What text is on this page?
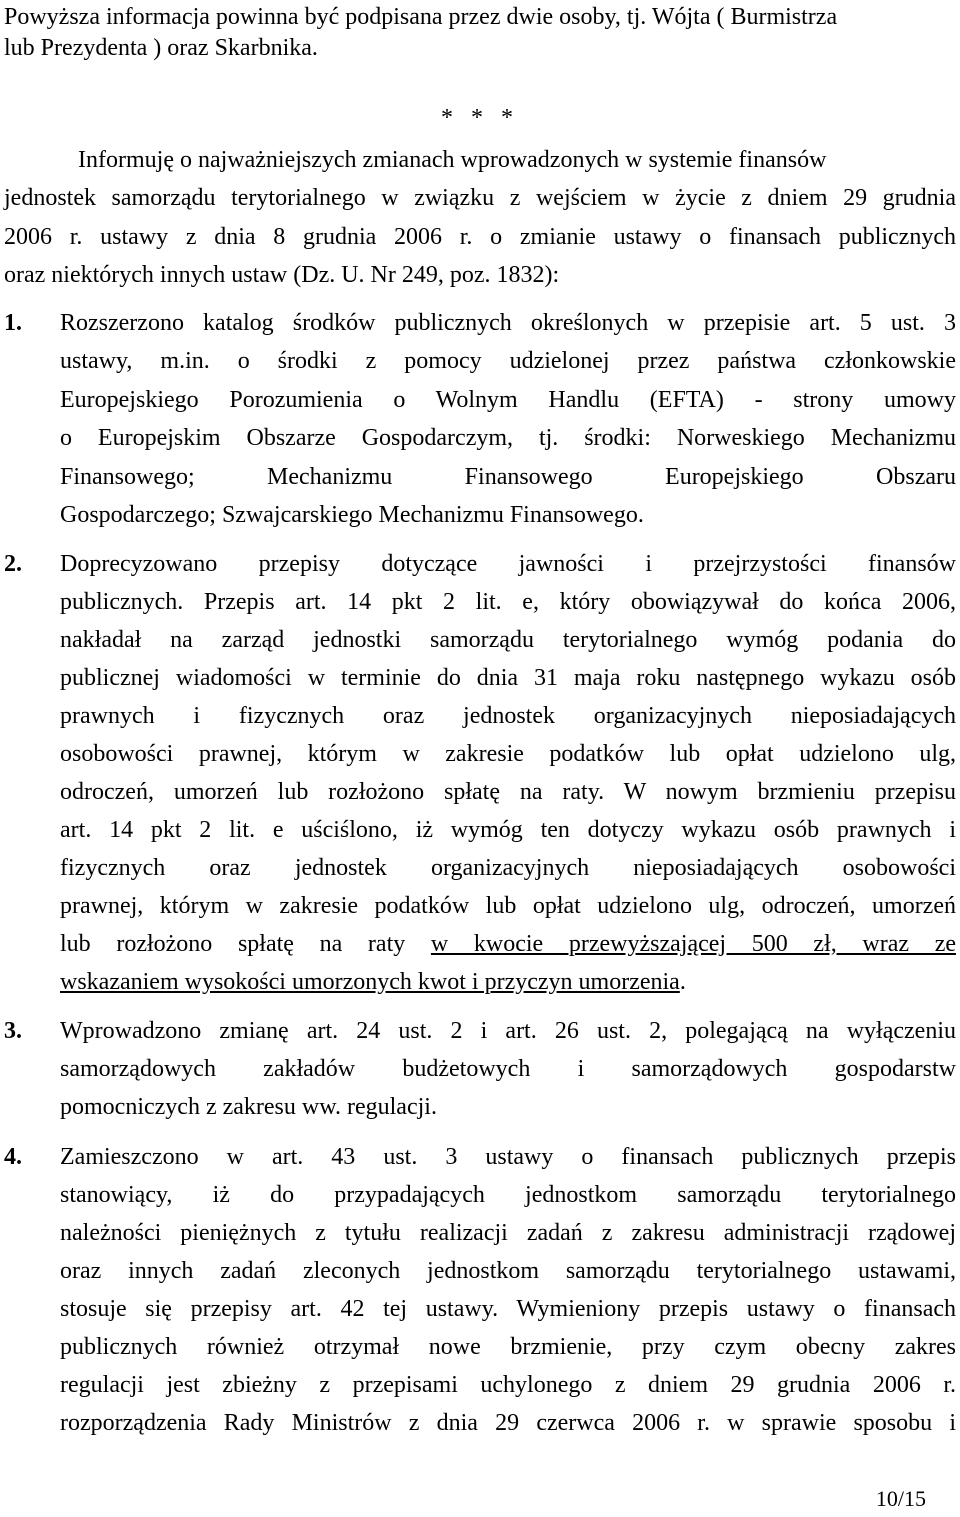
Powyższa informacja powinna być podpisana przez dwie osoby, tj. Wójta ( Burmistrza
lub Prezydenta ) oraz Skarbnika.
* * *
Informuję o najważniejszych zmianach wprowadzonych w systemie finansów
jednostek samorządu terytorialnego w związku z wejściem w życie z dniem 29 grudnia
2006 r. ustawy z dnia 8 grudnia 2006 r. o zmianie ustawy o finansach publicznych
oraz niektórych innych ustaw (Dz. U. Nr 249, poz. 1832):
1. Rozszerzono katalog środków publicznych określonych w przepisie art. 5 ust. 3
ustawy, m.in. o środki z pomocy udzielonej przez państwa członkowskie
Europejskiego Porozumienia o Wolnym Handlu (EFTA) - strony umowy
o Europejskim Obszarze Gospodarczym, tj. środki: Norweskiego Mechanizmu
Finansowego; Mechanizmu Finansowego Europejskiego Obszaru
Gospodarczego; Szwajcarskiego Mechanizmu Finansowego.
2. Doprecyzowano przepisy dotyczące jawności i przejrzystości finansów
publicznych. Przepis art. 14 pkt 2 lit. e, który obowiązywał do końca 2006,
nakładał na zarząd jednostki samorządu terytorialnego wymóg podania do
publicznej wiadomości w terminie do dnia 31 maja roku następnego wykazu osób
prawnych i fizycznych oraz jednostek organizacyjnych nieposiadających
osobowości prawnej, którym w zakresie podatków lub opłat udzielono ulg,
odroczeń, umorzeń lub rozłożono spłatę na raty. W nowym brzmieniu przepisu
art. 14 pkt 2 lit. e uściślono, iż wymóg ten dotyczy wykazu osób prawnych i
fizycznych oraz jednostek organizacyjnych nieposiadających osobowości
prawnej, którym w zakresie podatków lub opłat udzielono ulg, odroczeń, umorzeń
lub rozłożono spłatę na raty w kwocie przewyższającej 500 zł, wraz ze
wskazaniem wysokości umorzonych kwot i przyczyn umorzenia.
3. Wprowadzono zmianę art. 24 ust. 2 i art. 26 ust. 2, polegającą na wyłączeniu
samorządowych zakładów budżetowych i samorządowych gospodarstw
pomocniczych z zakresu ww. regulacji.
4. Zamieszczono w art. 43 ust. 3 ustawy o finansach publicznych przepis
stanowiący, iż do przypadających jednostkom samorządu terytorialnego
należności pieniężnych z tytułu realizacji zadań z zakresu administracji rządowej
oraz innych zadań zleconych jednostkom samorządu terytorialnego ustawami,
stosuje się przepisy art. 42 tej ustawy. Wymieniony przepis ustawy o finansach
publicznych również otrzymał nowe brzmienie, przy czym obecny zakres
regulacji jest zbieżny z przepisami uchylonego z dniem 29 grudnia 2006 r.
rozporządzenia Rady Ministrów z dnia 29 czerwca 2006 r. w sprawie sposobu i
10/15
